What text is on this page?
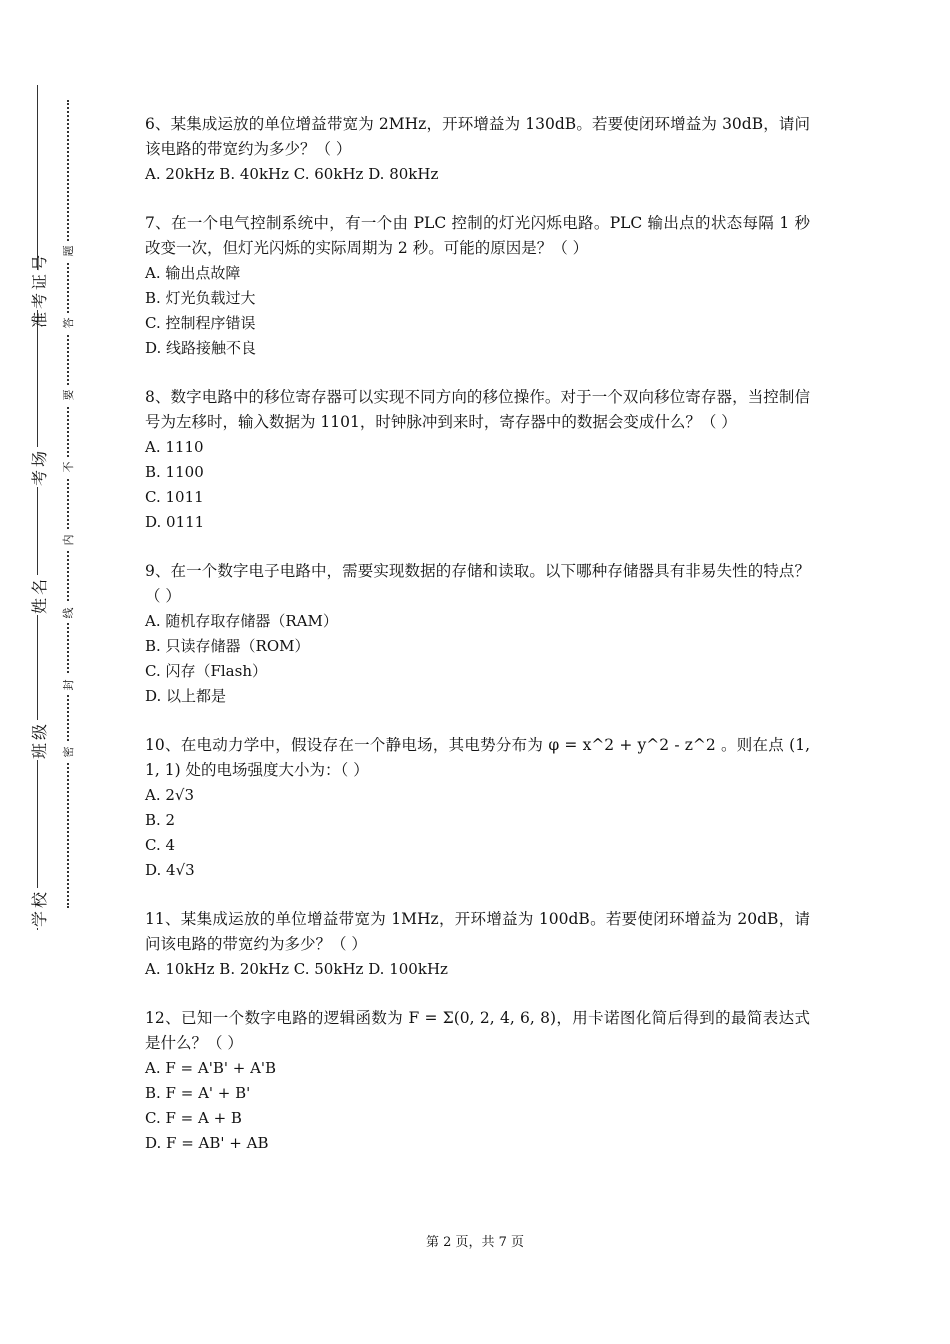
学校
班级
姓名
考场
准考证号
密
封
线
内
不
要
答
题

6、某集成运放的单位增益带宽为 2MHz，开环增益为 130dB。若要使闭环增益为 30dB，请问该电路的带宽约为多少？（ ）

A. 20kHz B. 40kHz C. 60kHz D. 80kHz

7、在一个电气控制系统中，有一个由 PLC 控制的灯光闪烁电路。PLC 输出点的状态每隔 1 秒改变一次，但灯光闪烁的实际周期为 2 秒。可能的原因是？（ ）

A. 输出点故障

B. 灯光负载过大

C. 控制程序错误

D. 线路接触不良

8、数字电路中的移位寄存器可以实现不同方向的移位操作。对于一个双向移位寄存器，当控制信号为左移时，输入数据为 1101，时钟脉冲到来时，寄存器中的数据会变成什么？（ ）

A. 1110

B. 1100

C. 1011

D. 0111

9、在一个数字电子电路中，需要实现数据的存储和读取。以下哪种存储器具有非易失性的特点？（ ）

A. 随机存取存储器（RAM）

B. 只读存储器（ROM）

C. 闪存（Flash）

D. 以上都是

10、在电动力学中，假设存在一个静电场，其电势分布为 φ = x^2 + y^2 - z^2 。则在点 (1, 1, 1) 处的电场强度大小为：（ ）

A. 2√3

B. 2

C. 4

D. 4√3

11、某集成运放的单位增益带宽为 1MHz，开环增益为 100dB。若要使闭环增益为 20dB，请问该电路的带宽约为多少？（ ）

A. 10kHz B. 20kHz C. 50kHz D. 100kHz

12、已知一个数字电路的逻辑函数为 F = Σ(0, 2, 4, 6, 8)，用卡诺图化简后得到的最简表达式是什么？（ ）

A. F = A'B' + A'B

B. F = A' + B'

C. F = A + B

D. F = AB' + AB

第 2 页，共 7 页
